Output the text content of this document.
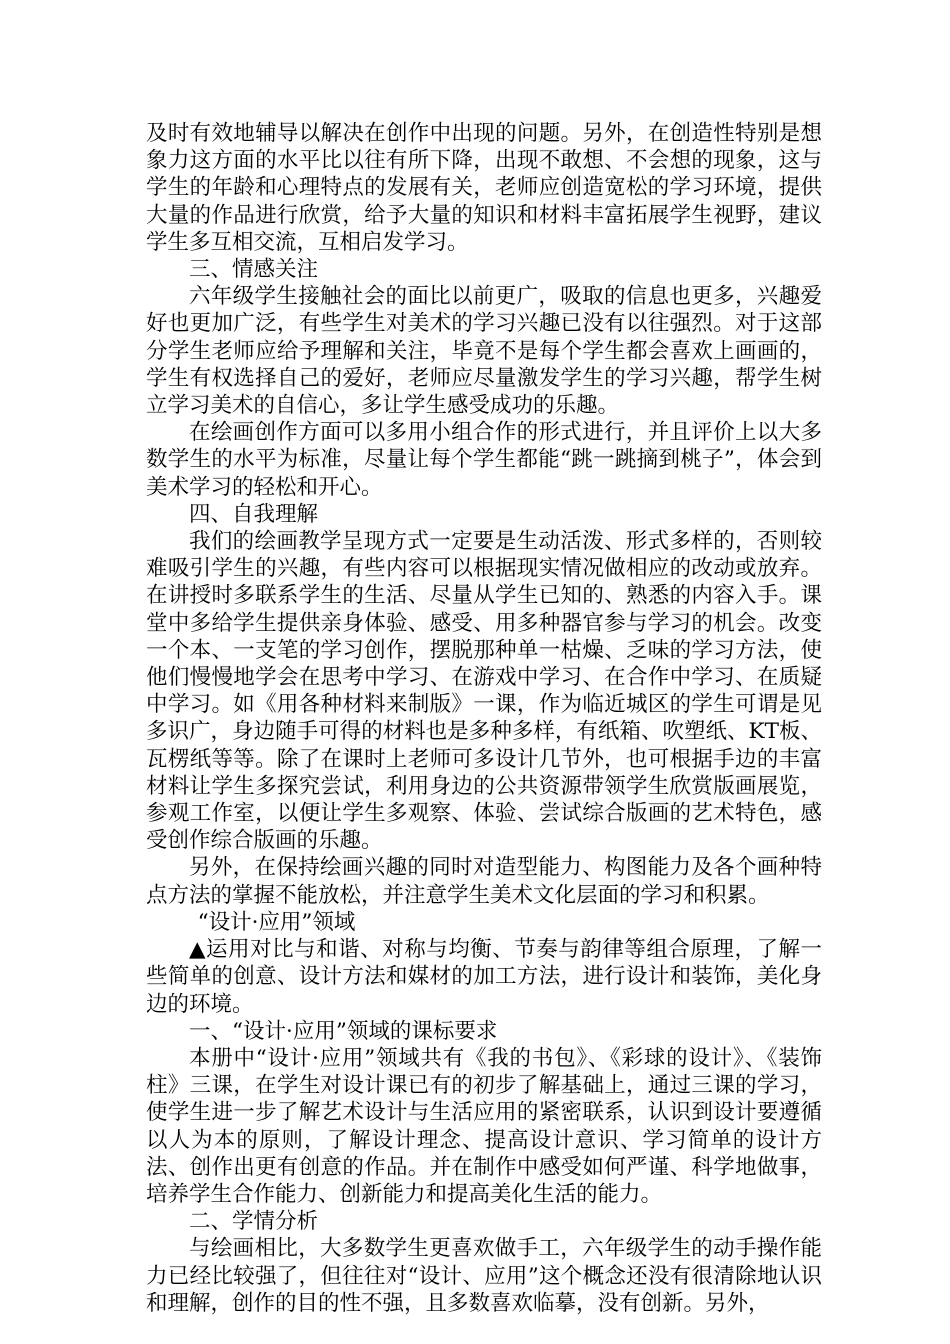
及时有效地辅导以解决在创作中出现的问题。另外，在创造性特别是想象力这方面的水平比以往有所下降，出现不敢想、不会想的现象，这与学生的年龄和心理特点的发展有关，老师应创造宽松的学习环境，提供大量的作品进行欣赏，给予大量的知识和材料丰富拓展学生视野，建议学生多互相交流，互相启发学习。

三、情感关注

六年级学生接触社会的面比以前更广，吸取的信息也更多，兴趣爱好也更加广泛，有些学生对美术的学习兴趣已没有以往强烈。对于这部分学生老师应给予理解和关注，毕竟不是每个学生都会喜欢上画画的，学生有权选择自己的爱好，老师应尽量激发学生的学习兴趣，帮学生树立学习美术的自信心，多让学生感受成功的乐趣。

在绘画创作方面可以多用小组合作的形式进行，并且评价上以大多数学生的水平为标准，尽量让每个学生都能“跳一跳摘到桃子”，体会到美术学习的轻松和开心。

四、自我理解

我们的绘画教学呈现方式一定要是生动活泼、形式多样的，否则较难吸引学生的兴趣，有些内容可以根据现实情况做相应的改动或放弃。在讲授时多联系学生的生活、尽量从学生已知的、熟悉的内容入手。课堂中多给学生提供亲身体验、感受、用多种器官参与学习的机会。改变一个本、一支笔的学习创作，摆脱那种单一枯燥、乏味的学习方法，使他们慢慢地学会在思考中学习、在游戏中学习、在合作中学习、在质疑中学习。如《用各种材料来制版》一课，作为临近城区的学生可谓是见多识广，身边随手可得的材料也是多种多样，有纸箱、吹塑纸、KT板、瓦楞纸等等。除了在课时上老师可多设计几节外，也可根据手边的丰富材料让学生多探究尝试，利用身边的公共资源带领学生欣赏版画展览，参观工作室，以便让学生多观察、体验、尝试综合版画的艺术特色，感受创作综合版画的乐趣。

另外，在保持绘画兴趣的同时对造型能力、构图能力及各个画种特点方法的掌握不能放松，并注意学生美术文化层面的学习和积累。

“设计·应用”领域

▲运用对比与和谐、对称与均衡、节奏与韵律等组合原理，了解一些简单的创意、设计方法和媒材的加工方法，进行设计和装饰，美化身边的环境。

一、“设计·应用”领域的课标要求

本册中“设计·应用”领域共有《我的书包》、《彩球的设计》、《装饰柱》三课，在学生对设计课已有的初步了解基础上，通过三课的学习，使学生进一步了解艺术设计与生活应用的紧密联系，认识到设计要遵循以人为本的原则，了解设计理念、提高设计意识、学习简单的设计方法、创作出更有创意的作品。并在制作中感受如何严谨、科学地做事，培养学生合作能力、创新能力和提高美化生活的能力。

二、学情分析

与绘画相比，大多数学生更喜欢做手工，六年级学生的动手操作能力已经比较强了，但往往对“设计、应用”这个概念还没有很清除地认识和理解，创作的目的性不强，且多数喜欢临摹，没有创新。另外，
